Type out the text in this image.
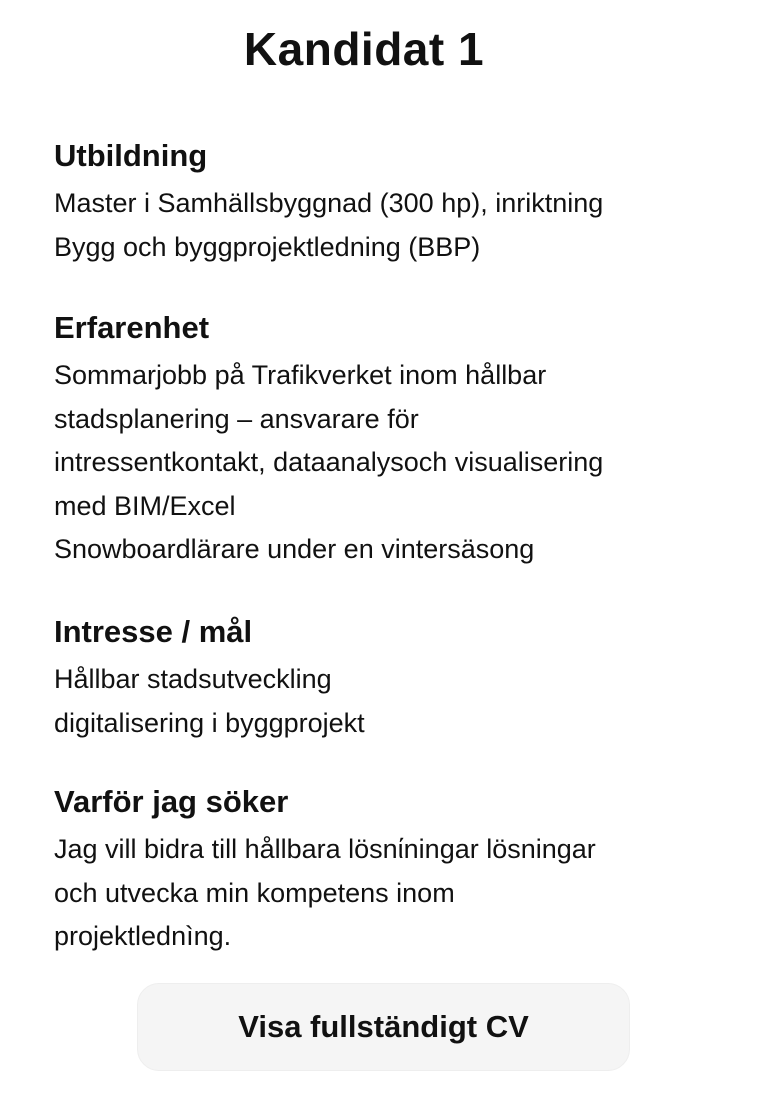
Kandidat 1
Utbildning
Master i Samhällsbyggnad (300 hp), inriktning
Bygg och byggprojektledning (BBP)
Erfarenhet
Sommarjobb på Trafikverket inom hållbar
stadsplanering – ansvarare för
intressentkontakt, dataanalysoch visualisering
med BIM/Excel
Snowboardlärare under en vintersäsong
Intresse / mål
Hållbar stadsutveckling
digitalisering i byggprojekt
Varför jag söker
Jag vill bidra till hållbara lösnίningar lösningar
och utvecka min kompetens inom
projektlednìng.
Visa fullständigt CV
